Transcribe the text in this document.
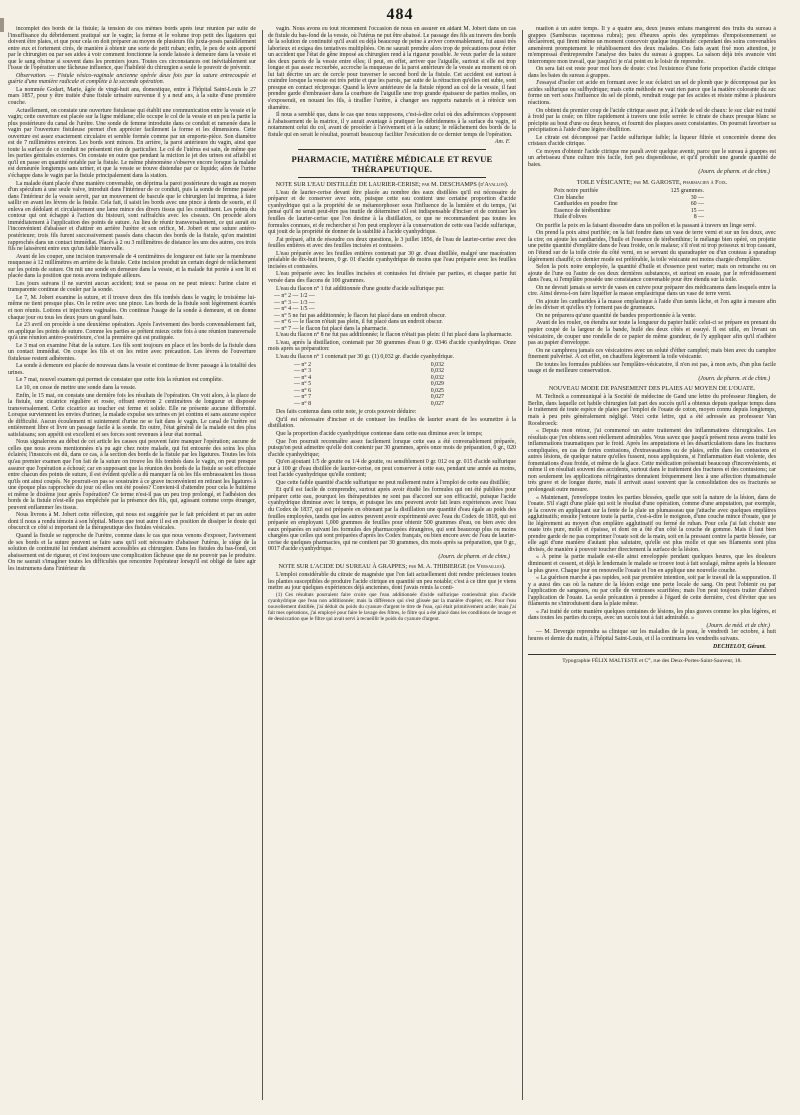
484

incomplet des bords de la fistule; la tension de ces mêmes bords après leur réunion par suite de l'insuffisance du débridement pratiqué sur le vagin; la forme et le volume trop petit des ligatures qui doivent être plates, et que pour cela on doit préparer au moyen de plusieurs fils juxta-posés parallèlement entre eux et fortement cirés, de manière à obtenir une sorte de petit ruban; enfin, le peu de soin apporté par le chirurgien ou par ses aides à voir comment fonctionne la sonde laissée à demeure dans la vessie et que le sang obstrue si souvent dans les premiers jours. Toutes ces circonstances ont inévitablement sur l'issue de l'opération une fâcheuse influence, que l'habileté du chirurgien a seule le pouvoir de prévenir.

Observation. — Fistule vésico-vaginale ancienne opérée deux fois par la suture entrecoupée et guérie d'une manière radicale et complète à la seconde opération.

La nommée Godart, Marie, âgée de vingt-huit ans, domestique, entre à l'hôpital Saint-Louis le 27 mars 1857, pour y être traitée d'une fistule urinaire survenue il y a neuf ans, à la suite d'une première couche.

Actuellement, on constate une ouverture fistuleuse qui établit une communication entre la vessie et le vagin; cette ouverture est placée sur la ligne médiane; elle occupe le col de la vessie et un peu la partie la plus postérieure du canal de l'urètre. Une sonde de femme introduite dans ce conduit et ramenée dans le vagin par l'ouverture fistuleuse permet d'en apprécier facilement la forme et les dimensions. Cette ouverture est assez exactement circulaire et semble formée comme par un emporte-pièce. Son diamètre est de 7 millimètres environ. Les bords sont minces. En arrière, la paroi antérieure du vagin, ainsi que toute la surface de ce conduit ne présentent rien de particulier. Le col de l'utérus est sain, de même que les parties génitales externes. On constate en outre que pendant la miction le jet des urines est affaibli et qu'il en passe en quantité notable par la fistule. Le même phénomène s'observe encore lorsque la malade est demeurée longtemps sans uriner, et que la vessie se trouve distendue par ce liquide; alors de l'urine s'échappe dans le vagin par la fistule principalement dans la station.

La malade étant placée d'une manière convenable, on déprima la paroi postérieure du vagin au moyen d'un spéculum à une seule valve, introduit dans l'intérieur de ce conduit, puis la sonde de femme passée dans l'intérieur de la vessie servit, par un mouvement de bascule que le chirurgien lui imprima, à faire saillir en avant les lèvres de la fistule. Cela fait, il saisit les bords avec une pince à dents de souris, et il enleva en dédolant et circulairement une lame mince des divers tissus qui les constituent. Les points du contour qui ont échappé à l'action du bistouri, sont raffraîchis avec les ciseaux. On procède alors immédiatement à l'application des points de suture. Au lieu de réunir transversalement, ce qui aurait eu l'inconvénient d'abaisser et d'attirer en arrière l'urètre et son orifice, M. Jobert et une suture antéro-postérieure; trois fils furent successivement passés dans chacun des bords de la fistule, qu'on maintint rapprochés dans un contact immédiat. Placés à 2 ou 3 millimètres de distance les uns des autres, ces trois fils ne laissèrent entre eux qu'un faible intervalle.

Avant de les couper, une incision transversale de 4 centimètres de longueur est faite sur la membrane muqueuse à 12 millimètres en arrière de la fistule. Cette incision produit un certain degré de relâchement sur les points de suture. On mit une sonde en demeure dans la vessie, et la malade fut portée à son lit et placée dans la position que nous avons indiquée ailleurs.

Les jours suivans il ne survint aucun accident; tout se passa on ne peut mieux: l'urine claire et transparente continue de couler par la sonde.

Le 7, M. Jobert examine la suture, et il trouve deux des fils tombés dans le vagin; le troisième lui-même ne tient presque plus. On le retire avec une pince. Les bords de la fistule sont légèrement écartés et non réunis. Lotions et injections vaginales. On continue l'usage de la sonde à demeure, et on donne chaque jour ou tous les deux jours un grand bain.

Le 23 avril on procède à une deuxième opération. Après l'avivement des bords convenablement fait, on applique les points de suture. Comme les parties se prêtent mieux cette fois à une réunion transversale qu'à une réunion antéro-postérieure, c'est la première qui est pratiquée.

Le 3 mai on examine l'état de la suture. Les fils sont toujours en place et les bords de la fistule dans un contact immédiat. On coupe les fils et on les retire avec précaution. Les lèvres de l'ouverture fistuleuse restent adhérentes.

La sonde à demeure est placée de nouveau dans la vessie et continue de livrer passage à la totalité des urines.

Le 7 mai, nouvel examen qui permet de constater que cette fois la réunion est complète.

Le 10, on cesse de mettre une sonde dans la vessie.

Enfin, le 15 mai, on constate une dernière fois les résultats de l'opération. On voit alors, à la place de la fistule, une cicatrice régulière et rosée, offrant environ 2 centimètres de longueur et disposée transversalement. Cette cicatrice au toucher est ferme et solide. Elle ne présente aucune difformité. Lorsque surviennent les envies d'uriner, la malade expulse ses urines en jet continu et sans aucune espèce de difficulté. Aucun écoulement ni suintement d'urine ne se fait dans le vagin. Le canal de l'urètre est entièrement libre et livre un passage facile à la sonde. En outre, l'état général de la malade est des plus satisfaisans; son appétit est excellent et ses forces sont revenues à leur état normal.

Nous signalerons au début de cet article les causes qui peuvent faire manquer l'opération; aucune de celles que nous avons mentionnées n'a pu agir chez notre malade, qui fut entourée des soins les plus éclairés; l'insuccès est dû, dans ce cas, à la section des bords de la fistule par les ligatures. Toutes les fois qu'au premier examen que l'on fait de la suture on trouve les fils tombés dans le vagin, on peut presque assurer que l'opération a échoué; car en supposant que la réunion des bords de la fistule se soit effectuée entre chacun des points de suture, il est évident qu'elle a dû manquer là où les fils embrassaient les tissus qu'ils ont ainsi coupés. Ne pourrait-on pas se soustraire à ce grave inconvénient en retirant les ligatures à une époque plus rapprochée du jour où elles ont été posées? Convient-il d'attendre pour cela le huitième et même le dixième jour après l'opération? Ce terme n'est-il pas un peu trop prolongé, et l'adhésion des bords de la fistule n'est-elle pas empêchée par la présence des fils, qui, agissant comme corps étranger, peuvent enflammer les tissus.

Nous livrons à M. Jobert cette réflexion, qui nous est suggérée par le fait précédent et par un autre dont il nous a rendu témoin à son hôpital. Mieux que tout autre il est en position de dissiper le doute qui obscurcit ce côté si important de la thérapeutique des fistules vésicales.

Quand la fistule se rapproche de l'urètre, comme dans le cas que nous venons d'exposer, l'avivement de ses bords et la suture peuvent se faire sans qu'il soit nécessaire d'abaisser l'utérus, le siège de la solution de continuité lui rendant aisément accessibles au chirurgien. Dans les fistules du bas-fond, cet abaissement est de rigueur, et c'est toujours une complication fâcheuse que de ne pouvoir pas le produire. On ne saurait s'imaginer toutes les difficultés que rencontre l'opérateur lorsqu'il est obligé de faire agir les instrumens dans l'intérieur du

vagin. Nous avons eu tout récemment l'occasion de nous en assurer en aidant M. Jobert dans un cas de fistule du bas-fond de la vessie, où l'utérus ne put être abaissé. Le passage des fils au travers des bords de la solution de continuité qu'il avait eu déjà beaucoup de peine à aviver convenablement, fut aussi très laborieux et exigea des tentatives multipliées. On ne saurait prendre alors trop de précautions pour éviter un accident que l'état de gêne imposé au chirurgien rend à la rigueur possible. Je veux parler de la suture des deux parois de la vessie entre elles; il peut, en effet, arriver que l'aiguille, surtout si elle est trop longue et pas assez recourbée, accroche la muqueuse de la paroi antérieure de la vessie au moment où on lui fait décrire un arc de cercle pour traverser le second bord de la fistule. Cet accident est surtout à craindre lorsque la vessie est très petite et que les parois, par suite de la rétraction qu'elles ont subie, sont presque en contact réciproque. Quand la lèvre antérieure de la fistule répond au col de la vessie, il faut prendre garde d'embrasser dans la courbure de l'aiguille une trop grande épaisseur de parties molles, on s'exposerait, en nouant les fils, à tirailler l'urètre, à changer ses rapports naturels et à rétrécir son diamètre.

Il nous a semblé que, dans le cas que nous supposons, c'est-à-dire celui où des adhérences s'opposent à l'abaissement de la matrice, il y aurait avantage à pratiquer les débridemens à la surface du vagin, et notamment celui du col, avant de procéder à l'avivement et à la suture; le relâchement des bords de la fistule qui en serait le résultat, pourrait beaucoup faciliter l'exécution de ce dernier temps de l'opération.

Am. F.
PHARMACIE, MATIÈRE MÉDICALE ET REVUE THÉRAPEUTIQUE.
NOTE SUR L'EAU DISTILLÉE DE LAURIER-CERISE; par M. DESCHAMPS (d'Avallon).

L'eau de laurier-cerise devant être placée au nombre des eaux distillées qu'il est nécessaire de préparer et de conserver avec soin, puisque cette eau contient une certaine proportion d'acide cyanhydrique qui a la propriété de se métamorphoser sous l'influence de la lumière et du temps, j'ai pensé qu'il ne serait peut-être pas inutile de déterminer s'il est indispensable d'inciser et de contuser les feuilles de laurier-cerise que l'on destine à la distillation, ce que ne recommandent pas toutes les formules connues, et de rechercher si l'on peut employer à la conservation de cette eau l'acide sulfurique, qui jouit de la propriété de donner de la stabilité à l'acide cyanhydrique.

J'ai préparé, afin de résoudre ces deux questions, le 3 juillet 1856, de l'eau de laurier-cerise avec des feuilles entières et avec des feuilles incisées et contusées.

L'eau préparée avec les feuilles entières contenait par 30 gr. d'eau distillée, malgré une macération préalable de dix-huit heures, 0 gr. 01 d'acide cyanhydrique de moins que l'eau préparée avec les feuilles incisées et contusées.

L'eau préparée avec les feuilles incisées et contusées fut divisée par parties, et chaque partie fut versée dans des flacons de 100 grammes.

L'eau du flacon n° 1 fut additionnée d'une goutte d'acide sulfurique pur.

— n° 2 — 1/2 —
— n° 3 — 1/3 —
— n° 4 — 1/5 —
— n° 5 ne fut pas additionnée; le flacon fut placé dans un endroit obscur.
— n° 6 — le flacon n'était pas plein, il fut placé dans un endroit obscur.
— n° 7 — le flacon fut placé dans la pharmacie.

L'eau du flacon n° 8 ne fut pas additionnée; le flacon n'était pas plein: il fut placé dans la pharmacie.

L'eau, après la distillation, contenait par 30 grammes d'eau 0 gr. 0346 d'acide cyanhydrique. Onze mois après sa préparation:

L'eau du flacon n° 1 contenait par 30 gr. (1) 0,032 gr. d'acide cyanhydrique.

— n° 2	0,032
— n° 3	0,032
— n° 4	0,032
— n° 5	0,029
— n° 6	0,025
— n° 7	0,027
— n° 8	0,027

Des faits contenus dans cette note, je crois pouvoir déduire:

Qu'il est nécessaire d'inciser et de contuser les feuilles de laurier avant de les soumettre à la distillation.

Que la proportion d'acide cyanhydrique contenue dans cette eau diminue avec le temps;

Que l'on pourrait reconnaître assez facilement lorsque cette eau a été convenablement préparée, puisqu'on peut admettre qu'elle doit contenir par 30 grammes, après onze mois de préparation, 0 gr., 020 d'acide cyanhydrique;

Qu'en ajoutant 1/5 de goutte ou 1/4 de goutte, ou sensiblement 0 gr. 012 ou gr. 015 d'acide sulfurique pur à 100 gr d'eau distillée de laurier-cerise, on peut conserver à cette eau, pendant une année au moins, tout l'acide cyanhydrique qu'elle contient;

Que cette faible quantité d'acide sulfurique ne peut nullement nuire à l'emploi de cette eau distillée;

Et qu'il est facile de comprendre, surtout après avoir étudié les formules qui ont été publiées pour préparer cette eau, pourquoi les thérapeutistes ne sont pas d'accord sur son efficacité, puisque l'acide cyanhydrique diminue avec le temps, et puisque les uns peuvent avoir fait leurs expériences avec l'eau du Codex de 1837, qui est préparée en obtenant par la distillation une quantité d'eau égale au poids des feuilles employées, tandis que les autres peuvent avoir expérimenté avec l'eau du Codex de 1818, qui est préparée en employant 1,000 grammes de feuilles pour obtenir 500 grammes d'eau, ou bien avec des eaux préparées en suivant les formules des pharmacopées étrangères, qui sont beaucoup plus ou moins chargées que celles qui sont préparées d'après les Codex français, ou bien encore avec de l'eau de laurier-cerise de quelques pharmacies, qui ne contient par 30 grammes, dix mois après sa préparation, que 0 gr., 0017 d'acide cyanhydrique.

(Journ. de pharm. et de chim.)
NOTE SUR L'ACIDE DU SUREAU À GRAPPES; par M. A. THIBIERGE (de Versailles).

L'emploi considérable du citrate de magnésie que l'on fait actuellement doit rendre précieuses toutes les plantes susceptibles de produire l'acide citrique en quantité un peu notable; c'est à ce titre que je viens mettre au jour quelques expériences déjà anciennes, dont j'avais remis la conti-

(1) Ces résultats pourraient faire croire que l'eau additionnée d'acide sulfurique contiendrait plus d'acide cyanhydrique que l'eau non additionnée; mais la différence qui s'est glissée par la manière d'opérer, etc. Pour l'eau nouvellement distillée, j'ai déduit du poids du cyanure d'argent le titre de l'eau, qui était primitivement acide; mais j'ai fait mes opérations, j'ai employé pour faire le lavage des filtres, le filtre qui a été placé dans les conditions de lavage et de dessiccation que le filtre qui avait servi à recueillir le poids du cyanure d'argent.

nuation à un autre temps. Il y a quatre ans, deux jeunes enfans mangèrent des fruits du sureau à grappes (Sambucus racemosa rubra); peu d'heures après des symptômes d'empoisonnement se déclarèrent, qui firent même un moment concevoir quelque inquiétude: cependant des soins convenables amenèrent promptement le rétablissement des deux malades. Ces faits ayant fixé mon attention, je m'empressai d'entreprendre l'analyse des baies du sureau à grappes. La saison déjà très avancée vint interrompre mon travail, que jusqu'ici je n'ai point eu le loisir de reprendre.

On sera fait est reste pour moi hors de doute: c'est l'existence d'une forte proportion d'acide citrique dans les baies du sureau à grappes.

J'essayai d'isoler cet acide en formant avec le suc éclairci un sel de plomb que je décomposai par les acides sulfurique ou sulfhydrique; mais cette méthode ne vaut rien parce que la matière colorante du suc forme un vert sous l'influence du sel de plomb, rendrait rouge par les acides et résiste même à plusieurs réactions.

On obtient du premier coup de l'acide citrique assez pur, à l'aide de sel de chaux: le suc clair est traité à froid par la craie; on filtre rapidement à travers une toile serrée: le citrate de chaux presque blanc se précipite au bout d'une ou deux heures, et fournit des plaques assez consistantes. On pourrait favoriser sa précipitation à l'aide d'une légère ébullition.

Le citrate est décomposé par l'acide sulfurique faible; la liqueur filtrée et concentrée donne des cristaux d'acide citrique.

Ce moyen d'obtenir l'acide citrique me paraît avoir quelque avenir, parce que le sureau à grappes est un arbrisseau d'une culture très facile, fort peu dispendieuse, et qu'il produit une grande quantité de baies.

(Journ. de pharm. et de chim.)
TOILE VÉSICANTE; par M. GAROSTE, pharmacien à Foix.
Poix noire purifiée	125 grammes.
Cire blanche	30 —
Cantharides en poudre fine	60 —
Essence de térébenthine	15 —
Huile d'olives	8 —

On purifie la poix en la faisant dissoudre dans un poêlon et la passant à travers un linge serré.

On prend la poix ainsi purifiée; on la fait fondre dans un vase de terre verni et sur un feu doux, avec la cire; on ajoute les cantharides, l'huile et l'essence de térébenthine; le mélange bien opéré, on projette une petite quantité d'emplâtre dans de l'eau froide, on le malaxe; s'il n'est ni trop poisseux ni trop cassant, on l'étend sur de la toile cirée du côté verni, en se servant du sparadrapier ou d'un couteau à sparadrap légèrement chauffé; ce dernier mode est préférable, la toile vésicante est moins chargée d'emplâtre.

Selon la poix noire employée, la quantité d'huile et d'essence peut varier; mais on retranche ou on ajoute de l'une ou l'autre de ces deux dernières substances, et surtout en essaie, par le refroidissement dans l'eau, si l'emplâtre possède une consistance convenable pour être étendu sur la toile.

On ne devrait jamais se servir de vases en cuivre pour préparer des médicamens dans lesquels entre la cire. Ainsi devra-t-on faire liquéfier la masse emplastrique dans un vase de terre verni.

On ajoute les cantharides à la masse emplastique à l'aide d'un tamis lâche, et l'on agite à mesure afin de les diviser et qu'elles n'y forment pas de grumeaux.

On ne préparera qu'une quantité de bandes proportionnée à la vente.

Avant de les rouler, on étendra sur toute la longueur du papier huilé: celui-ci se prépare en prenant du papier coupé de la largeur de la bande, huilé des deux côtés et essuyé. Il est utile, en livrant un vésicatoire, de couper une rondelle de ce papier de même grandeur, de l'y appliquer afin qu'il n'adhère pas au papier d'enveloppe.

On ne camphrera jamais ces vésicatoires avec un soluté d'éther camphré; mais bien avec du camphre finement pulvérisé. À cet effet, on chauffera légèrement la toile vésicante.

De toutes les formules publiées sur l'emplâtre-vésicatoire, il n'en est pas, à mon avis, d'un plus facile usage et de meilleure conservation.

(Journ. de pharm. et de chim.)
NOUVEAU MODE DE PANSEMENT DES PLAIES AU MOYEN DE L'OUATE.

M. Terlinck a communiqué à la Société de médecine de Gand une lettre du professeur Jüngken, de Berlin, dans laquelle cet habile chirurgien fait part des succès qu'il a obtenus depuis quelque temps dans le traitement de toute espèce de plaies par l'emploi de l'ouate de coton, moyen connu depuis longtemps, mais à peu près généralement négligé. Voici cette lettre, qui a été adressée au professeur Van Roosbroeck:

« Depuis mon retour, j'ai commencé un autre traitement des inflammations chirurgicales. Les résultats que j'en obtiens sont réellement admirables. Vous savez que jusqu'à présent nous avons traité les inflammations traumatiques par le froid. Après les amputations et les désarticulations dans les fractures compliquées, en cas de fortes contusions, d'extravasations ou de plaies, enfin dans les contusions et autres lésions, de quelque nature qu'elles fussent, nous appliquions, si l'inflammation était violente, des fomentations d'eau froide, et même de la glace. Cette médication présentait beaucoup d'inconvénients, et même il en résultait souvent des accidents, surtout dans le traitement des fractures et des contusions; car non seulement les applications réfrigérantes donnaient fréquemment lieu à une affection rhumatismale très grave et de longue durée, mais il arrivait aussi souvent que la consolidation des os fracturés se prolongeait outre mesure.

« Maintenant, j'enveloppe toutes les parties blessées, quelle que soit la nature de la lésion, dans de l'ouate. S'il s'agit d'une plaie qui soit le résultat d'une opération, comme d'une amputation, par exemple, je la couvre en appliquant sur la fente de la plaie un plumasseau que j'attache avec quelques emplâtres agglutinatifs; ensuite j'entoure toute la partie, c'est-à-dire le moignon, d'une couche mince d'ouate, que je lie légèrement au moyen d'un emplâtre agglutinatif ou fermé de ruban. Pour cela j'ai fait choisir une ouate très pure, molle et épaisse, et dont on a ôté d'un côté la couche de gomme. Mais il faut bien prendre garde de ne pas comprimer l'ouate soit de la main, soit en la pressant contre la partie blessée, car elle agit d'une manière d'autant plus salutaire, qu'elle est plus molle et que ses filaments sont plus divisés, de manière à pouvoir toucher directement la surface de la lésion.

« À peine la partie malade est-elle ainsi enveloppée pendant quelques heures, que les douleurs diminuent et cessent, et déjà le lendemain le malade se trouve tout à fait soulagé, même après la blessure la plus grave. Chaque jour on renouvelle l'ouate et l'on en applique une nouvelle couche.

« La guérison marche à pas rapides, soit par première intention, soit par le travail de la suppuration. Il y a aussi des cas où la nature de la lésion exige une perte locale de sang. On peut l'obtenir ou par l'application de sangsues, ou par celle de ventouses scarifiées; mais l'on peut toujours traiter d'abord l'application de l'ouate. La seule précaution à prendre à l'égard de cette dernière, c'est d'éviter que ses filaments ne s'introduisent dans la plaie même.

« J'ai traité de cette manière quelques centaines de lésions, les plus graves comme les plus légères, et dans toutes les parties du corps, avec un succès tout à fait admirable. »

(Journ. de méd. et de chir.)

— M. Devergie reprendra sa clinique sur les maladies de la peau, le vendredi 1er octobre, à huit heures et demie du matin, à l'hôpital Saint-Louis, et il la continuera les vendredis suivans.

DECHELOT, Gérant.
Typographie FÉLIX MALTESTE et C°, rue des Deux-Portes-Saint-Sauveur, 18.
